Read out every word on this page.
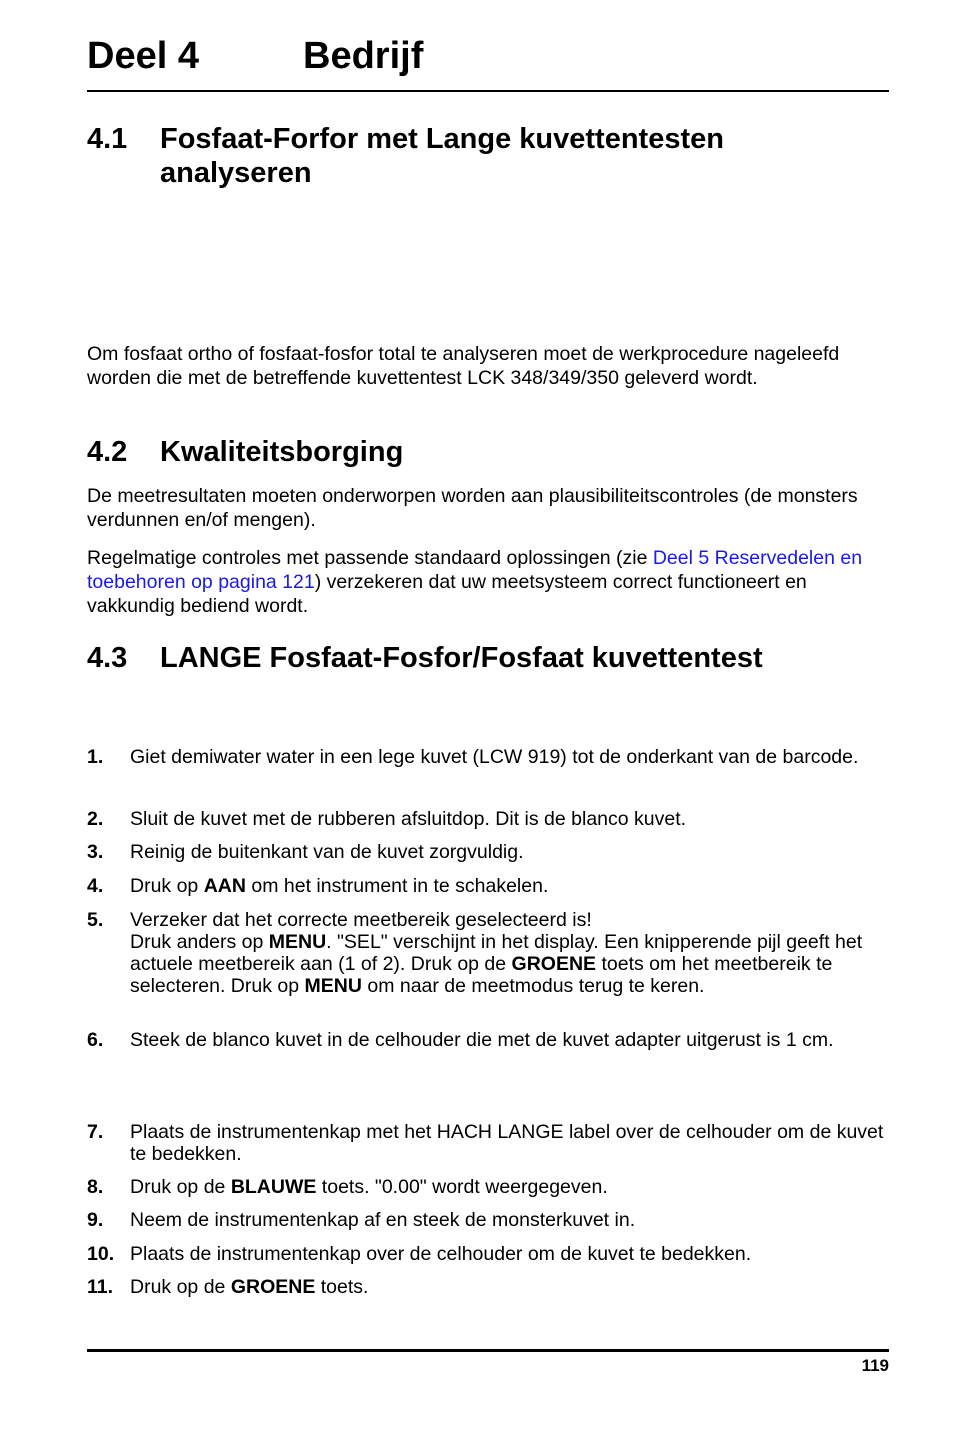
Deel 4	Bedrijf
4.1 Fosfaat-Forfor met Lange kuvettentesten analyseren
Om fosfaat ortho of fosfaat-fosfor total te analyseren moet de werkprocedure nageleefd worden die met de betreffende kuvettentest LCK 348/349/350 geleverd wordt.
4.2 Kwaliteitsborging
De meetresultaten moeten onderworpen worden aan plausibiliteitscontroles (de monsters verdunnen en/of mengen).
Regelmatige controles met passende standaard oplossingen (zie Deel 5 Reservedelen en toebehoren op pagina 121) verzekeren dat uw meetsysteem correct functioneert en vakkundig bediend wordt.
4.3 LANGE Fosfaat-Fosfor/Fosfaat kuvettentest
1. Giet demiwater water in een lege kuvet (LCW 919) tot de onderkant van de barcode.
2. Sluit de kuvet met de rubberen afsluitdop. Dit is de blanco kuvet.
3. Reinig de buitenkant van de kuvet zorgvuldig.
4. Druk op AAN om het instrument in te schakelen.
5. Verzeker dat het correcte meetbereik geselecteerd is!
Druk anders op MENU. "SEL" verschijnt in het display. Een knipperende pijl geeft het actuele meetbereik aan (1 of 2). Druk op de GROENE toets om het meetbereik te selecteren. Druk op MENU om naar de meetmodus terug te keren.
6. Steek de blanco kuvet in de celhouder die met de kuvet adapter uitgerust is 1 cm.
7. Plaats de instrumentenkap met het HACH LANGE label over de celhouder om de kuvet te bedekken.
8. Druk op de BLAUWE toets. "0.00" wordt weergegeven.
9. Neem de instrumentenkap af en steek de monsterkuvet in.
10. Plaats de instrumentenkap over de celhouder om de kuvet te bedekken.
11. Druk op de GROENE toets.
119
